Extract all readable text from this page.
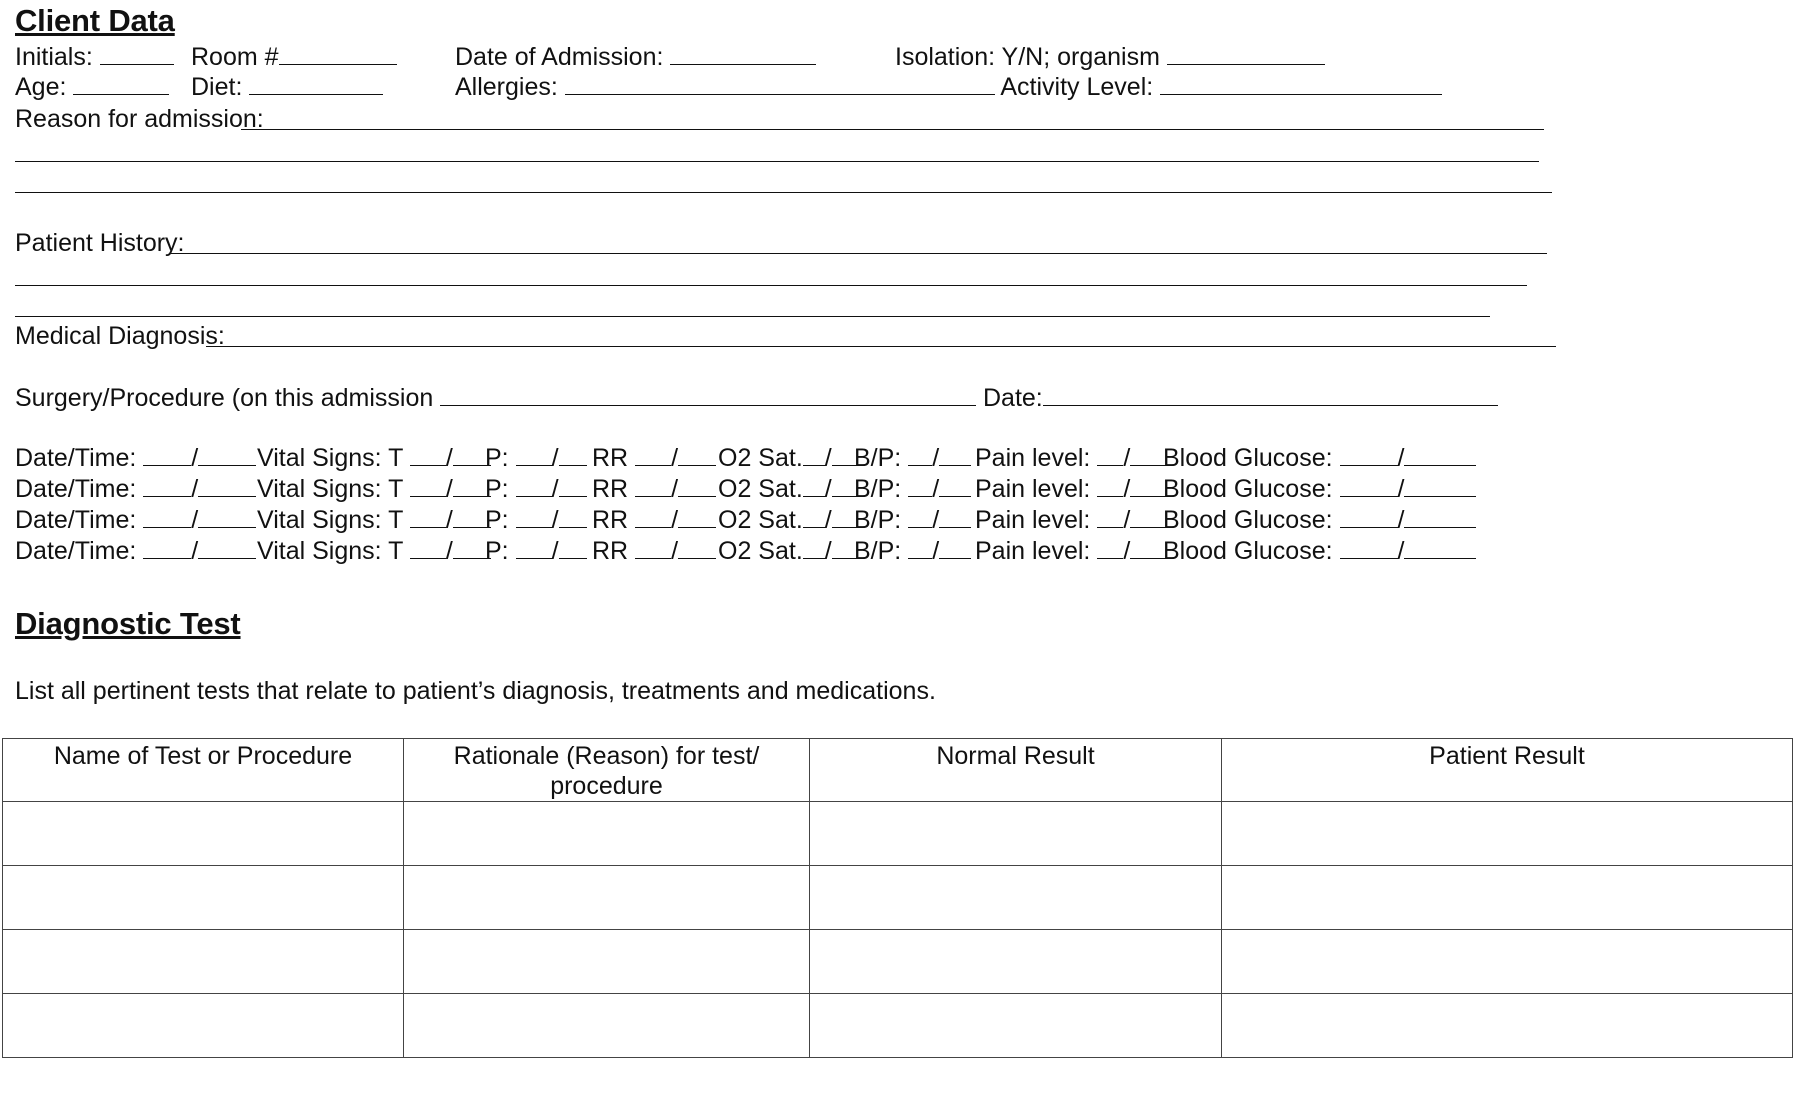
Client Data
Initials:	Room #	Date of Admission:	Isolation: Y/N; organism
Age:	Diet:	Allergies:	Activity Level:
Reason for admission:
Patient History:
Medical Diagnosis:
Surgery/Procedure (on this admission	Date:
Date/Time: /	Vital Signs: T /	P: /	RR /	O2 Sat. / B/P: /	Pain level: /	Blood Glucose:	/
Date/Time: /	Vital Signs: T /	P: /	RR /	O2 Sat. / B/P: /	Pain level: /	Blood Glucose:	/
Date/Time: /	Vital Signs: T /	P: /	RR /	O2 Sat. / B/P: /	Pain level: /	Blood Glucose:	/
Date/Time: /	Vital Signs: T /	P: /	RR /	O2 Sat. / B/P: /	Pain level: /	Blood Glucose:	/
Diagnostic Test
List all pertinent tests that relate to patient’s diagnosis, treatments and medications.
Name of Test or Procedure	Rationale (Reason) for test/ procedure	Normal Result	Patient Result
